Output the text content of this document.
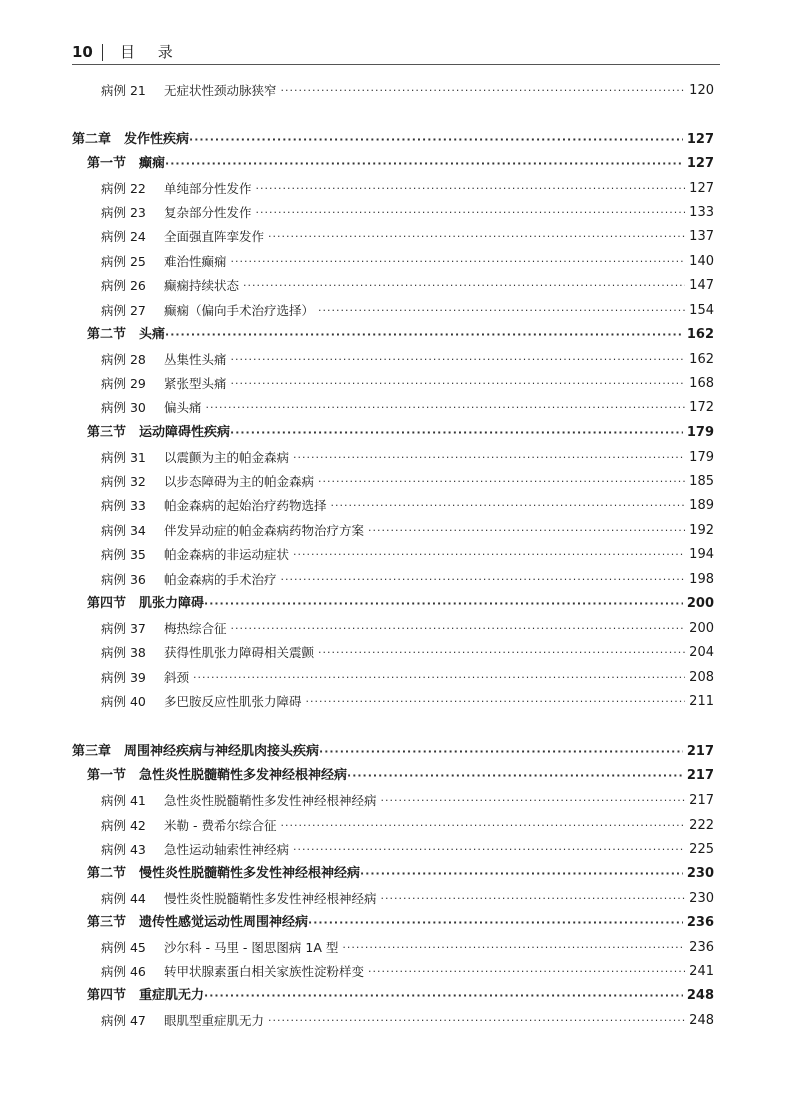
10	目 录
病例 21 无症状性颈动脉狭窄 ·····	120
第二章　发作性疾病 ·····	127
第一节　癫痫 ·····	127
病例 22 单纯部分性发作 ·····	127
病例 23 复杂部分性发作 ·····	133
病例 24 全面强直阵挛发作 ·····	137
病例 25 难治性癫痫 ·····	140
病例 26 癫痫持续状态 ·····	147
病例 27 癫痫（偏向手术治疗选择） ·····	154
第二节　头痛 ·····	162
病例 28 丛集性头痛 ·····	162
病例 29 紧张型头痛 ·····	168
病例 30 偏头痛 ·····	172
第三节　运动障碍性疾病 ·····	179
病例 31 以震颤为主的帕金森病 ·····	179
病例 32 以步态障碍为主的帕金森病 ·····	185
病例 33 帕金森病的起始治疗药物选择 ·····	189
病例 34 伴发异动症的帕金森病药物治疗方案 ·····	192
病例 35 帕金森病的非运动症状 ·····	194
病例 36 帕金森病的手术治疗 ·····	198
第四节　肌张力障碍 ·····	200
病例 37 梅热综合征 ·····	200
病例 38 获得性肌张力障碍相关震颤 ·····	204
病例 39 斜颈 ·····	208
病例 40 多巴胺反应性肌张力障碍 ·····	211
第三章　周围神经疾病与神经肌肉接头疾病 ·····	217
第一节　急性炎性脱髓鞘性多发神经根神经病 ·····	217
病例 41 急性炎性脱髓鞘性多发性神经根神经病 ·····	217
病例 42 米勒 - 费希尔综合征 ·····	222
病例 43 急性运动轴索性神经病 ·····	225
第二节　慢性炎性脱髓鞘性多发性神经根神经病 ·····	230
病例 44 慢性炎性脱髓鞘性多发性神经根神经病 ·····	230
第三节　遗传性感觉运动性周围神经病 ·····	236
病例 45 沙尔科 - 马里 - 图思图病 1A 型 ·····	236
病例 46 转甲状腺素蛋白相关家族性淀粉样变 ·····	241
第四节　重症肌无力 ·····	248
病例 47 眼肌型重症肌无力 ·····	248
